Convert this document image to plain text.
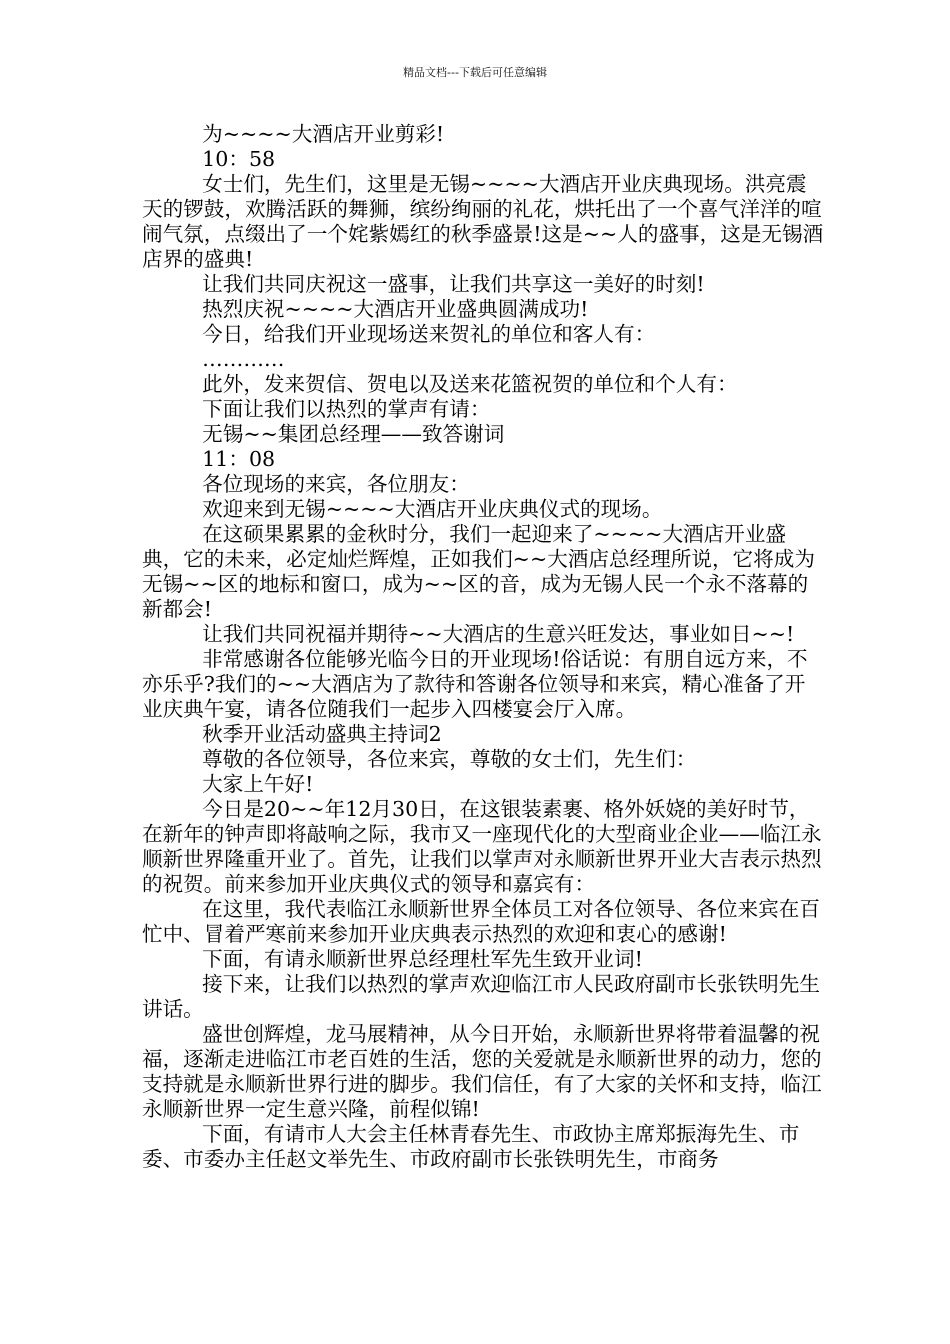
精品文档---下载后可任意编辑

为~~~~大酒店开业剪彩!

10：58

女士们，先生们，这里是无锡~~~~大酒店开业庆典现场。洪亮震天的锣鼓，欢腾活跃的舞狮，缤纷绚丽的礼花，烘托出了一个喜气洋洋的喧闹气氛，点缀出了一个姹紫嫣红的秋季盛景!这是~~人的盛事，这是无锡酒店界的盛典!

让我们共同庆祝这一盛事，让我们共享这一美好的时刻!

热烈庆祝~~~~大酒店开业盛典圆满成功!

今日，给我们开业现场送来贺礼的单位和客人有：

…………

此外，发来贺信、贺电以及送来花篮祝贺的单位和个人有：

下面让我们以热烈的掌声有请：

无锡~~集团总经理——致答谢词

11：08

各位现场的来宾，各位朋友：

欢迎来到无锡~~~~大酒店开业庆典仪式的现场。

在这硕果累累的金秋时分，我们一起迎来了~~~~大酒店开业盛典，它的未来，必定灿烂辉煌，正如我们~~大酒店总经理所说，它将成为无锡~~区的地标和窗口，成为~~区的音，成为无锡人民一个永不落幕的新都会!

让我们共同祝福并期待~~大酒店的生意兴旺发达，事业如日~~!

非常感谢各位能够光临今日的开业现场!俗话说：有朋自远方来，不亦乐乎?我们的~~大酒店为了款待和答谢各位领导和来宾，精心准备了开业庆典午宴，请各位随我们一起步入四楼宴会厅入席。

秋季开业活动盛典主持词2

尊敬的各位领导，各位来宾，尊敬的女士们，先生们：

大家上午好!

今日是20~~年12月30日，在这银装素裹、格外妖娆的美好时节，在新年的钟声即将敲响之际，我市又一座现代化的大型商业企业——临江永顺新世界隆重开业了。首先，让我们以掌声对永顺新世界开业大吉表示热烈的祝贺。前来参加开业庆典仪式的领导和嘉宾有：

在这里，我代表临江永顺新世界全体员工对各位领导、各位来宾在百忙中、冒着严寒前来参加开业庆典表示热烈的欢迎和衷心的感谢!

下面，有请永顺新世界总经理杜军先生致开业词!

接下来，让我们以热烈的掌声欢迎临江市人民政府副市长张铁明先生讲话。

盛世创辉煌，龙马展精神，从今日开始，永顺新世界将带着温馨的祝福，逐渐走进临江市老百姓的生活，您的关爱就是永顺新世界的动力，您的支持就是永顺新世界行进的脚步。我们信任，有了大家的关怀和支持，临江永顺新世界一定生意兴隆，前程似锦!

下面，有请市人大会主任林青春先生、市政协主席郑振海先生、市委、市委办主任赵文举先生、市政府副市长张铁明先生，市商务
